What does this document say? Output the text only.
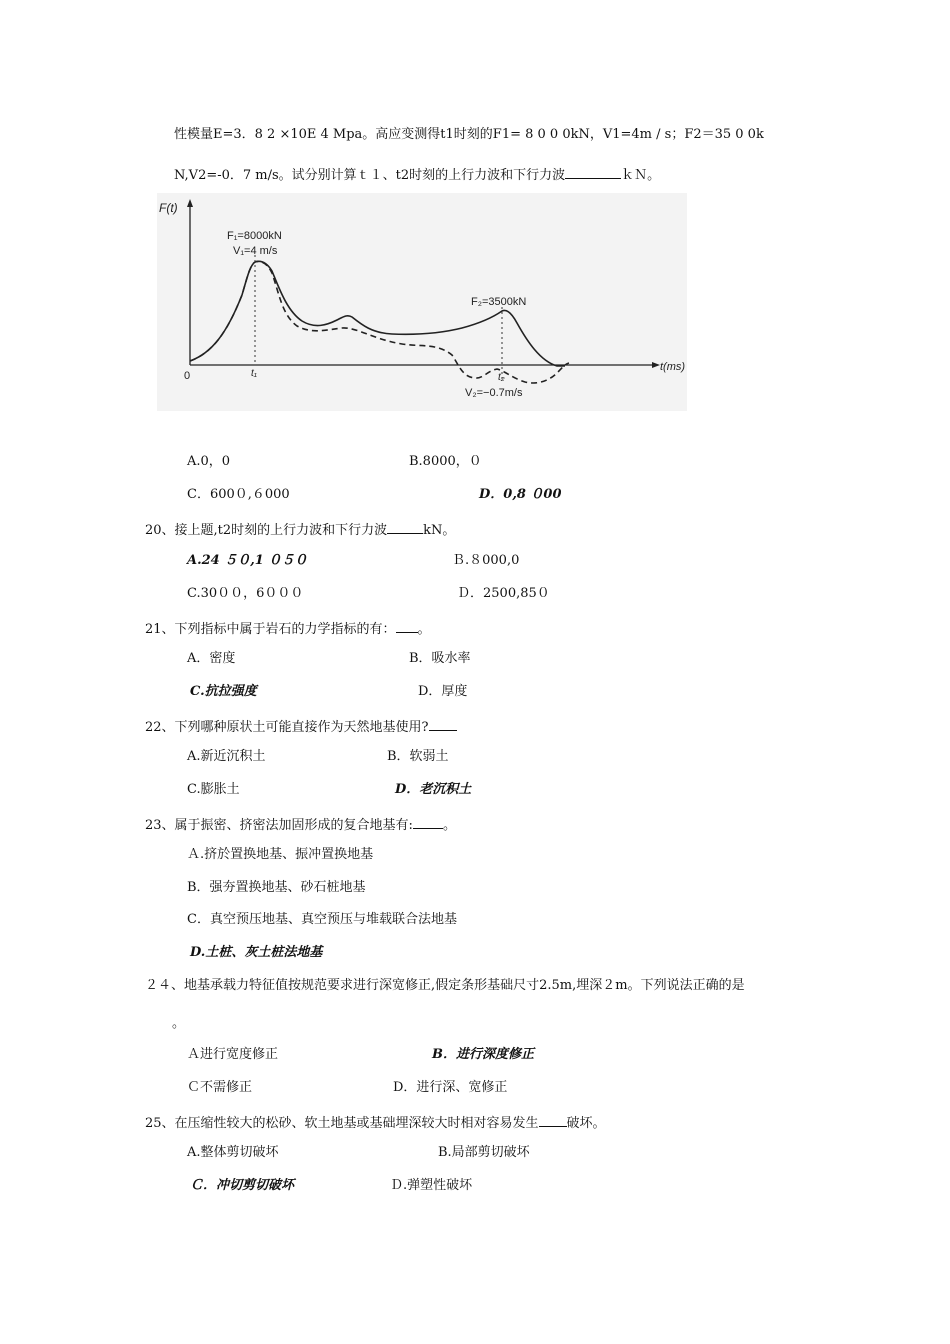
性模量E=3．8 2 ×10E 4 Mpa。高应变测得t1时刻的F1= 8 0 0 0kN，V1=4m / s；F2＝35 0 0k
N,V2=-0．7 m/s。试分别计算ｔ１、t2时刻的上行力波和下行力波	ｋＮ。
F(t)
t(ms)
0	t₁	t₂
F₁=8000kN
V₁=4 m/s
F₂=3500kN
V₂=−0.7m/s
A.0，0	B.8000，０
C．600０,６000	D．0,8 ０00
20、接上题,t2时刻的上行力波和下行力波	kN。
A.24 ５０,1 ０５０	Ｂ.８000,0
C.30００，6０００	Ｄ．2500,85０
21、下列指标中属于岩石的力学指标的有： 。
A．密度	B．吸水率
C.抗拉强度	D．厚度
22、下列哪种原状土可能直接作为天然地基使用?
A.新近沉积土	B．软弱土
C.膨胀土	D．老沉积土
23、属于振密、挤密法加固形成的复合地基有: 。
Ａ.挤於置换地基、振冲置换地基
B．强夯置换地基、砂石桩地基
C．真空预压地基、真空预压与堆载联合法地基
D.土桩、灰土桩法地基
２４、地基承载力特征值按规范要求进行深宽修正,假定条形基础尺寸2.5m,埋深２m。下列说法正确的是
。
Ａ进行宽度修正	B．进行深度修正
Ｃ不需修正	D．进行深、宽修正
25、在压缩性较大的松砂、软土地基或基础埋深较大时相对容易发生 破坏。
A.整体剪切破坏	B.局部剪切破坏
Ｃ．冲切剪切破坏	Ｄ.弹塑性破坏
